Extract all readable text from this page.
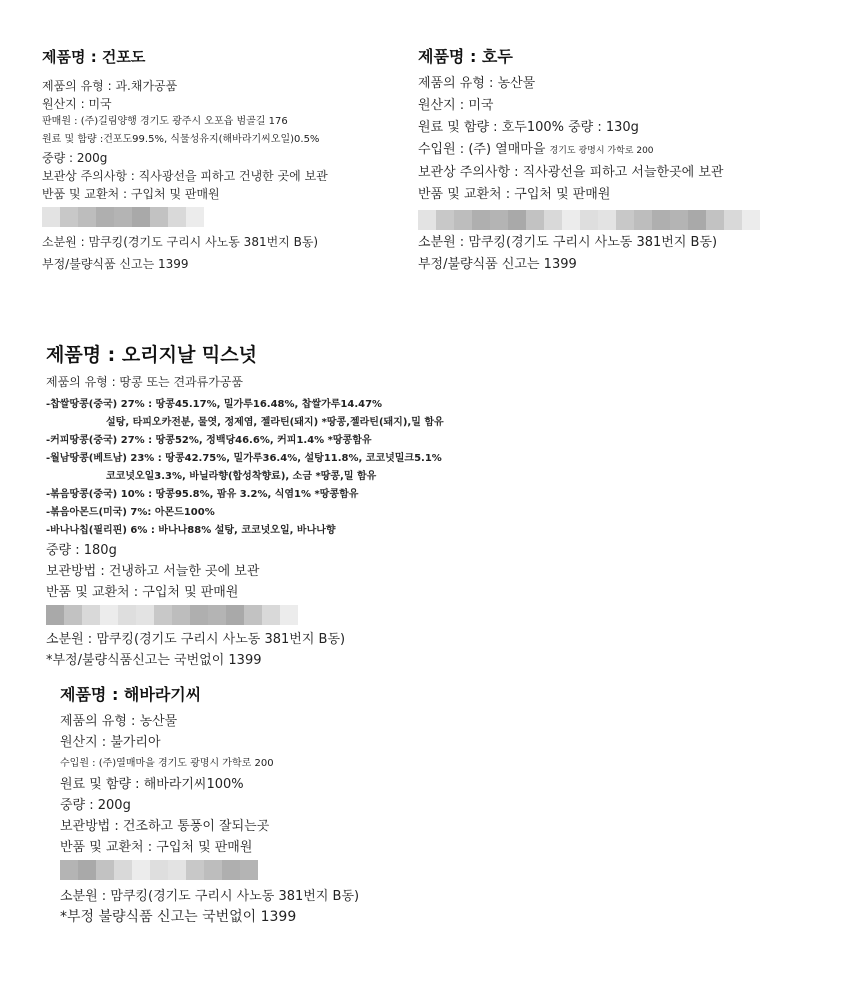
제품명 : 건포도
제품의 유형 : 과.채가공품
원산지 : 미국
판매원 : (주)길림양행 경기도 광주시 오포읍 범골길 176
원료 및 함량 :건포도99.5%, 식물성유지(해바라기씨오일)0.5%
중량 : 200g
보관상 주의사항 : 직사광선을 피하고 건냉한 곳에 보관
반품 및 교환처 : 구입처 및 판매원
소분원 : 맘쿠킹(경기도 구리시 사노동 381번지 B동)
부정/불량식품 신고는 1399
제품명 : 호두
제품의 유형 : 농산물
원산지 : 미국
원료 및 함량 : 호두100% 중량 : 130g
수입원 : (주) 열매마을 경기도 광명시 가학로 200
보관상 주의사항 : 직사광선을 피하고 서늘한곳에 보관
반품 및 교환처 : 구입처 및 판매원
소분원 : 맘쿠킹(경기도 구리시 사노동 381번지 B동)
부정/불량식품 신고는 1399
제품명 : 오리지날 믹스넛
제품의 유형 : 땅콩 또는 견과류가공품
-찹쌀땅콩(중국) 27% : 땅콩45.17%, 밀가루16.48%, 찹쌀가루14.47%
설탕, 타피오카전분, 물엿, 정제염, 젤라틴(돼지) *땅콩,젤라틴(돼지),밀 함유
-커피땅콩(중국) 27% : 땅콩52%, 정백당46.6%, 커피1.4% *땅콩함유
-월남땅콩(베트남) 23% : 땅콩42.75%, 밀가루36.4%, 설탕11.8%, 코코넛밀크5.1%
코코넛오일3.3%, 바닐라향(합성착향료), 소금 *땅콩,밀 함유
-볶음땅콩(중국) 10% : 땅콩95.8%, 팜유 3.2%, 식염1% *땅콩함유
-볶음아몬드(미국) 7%: 아몬드100%
-바나나칩(필리핀) 6% : 바나나88% 설탕, 코코넛오일, 바나나향
중량 : 180g
보관방법 : 건냉하고 서늘한 곳에 보관
반품 및 교환처 : 구입처 및 판매원
소분원 : 맘쿠킹(경기도 구리시 사노동 381번지 B동)
*부정/불량식품신고는 국번없이 1399
제품명 : 해바라기씨
제품의 유형 : 농산물
원산지 : 불가리아
수입원 : (주)열매마을 경기도 광명시 가학로 200
원료 및 함량 : 해바라기씨100%
중량 : 200g
보관방법 : 건조하고 통풍이 잘되는곳
반품 및 교환처 : 구입처 및 판매원
소분원 : 맘쿠킹(경기도 구리시 사노동 381번지 B동)
*부정 불량식품 신고는 국번없이 1399
